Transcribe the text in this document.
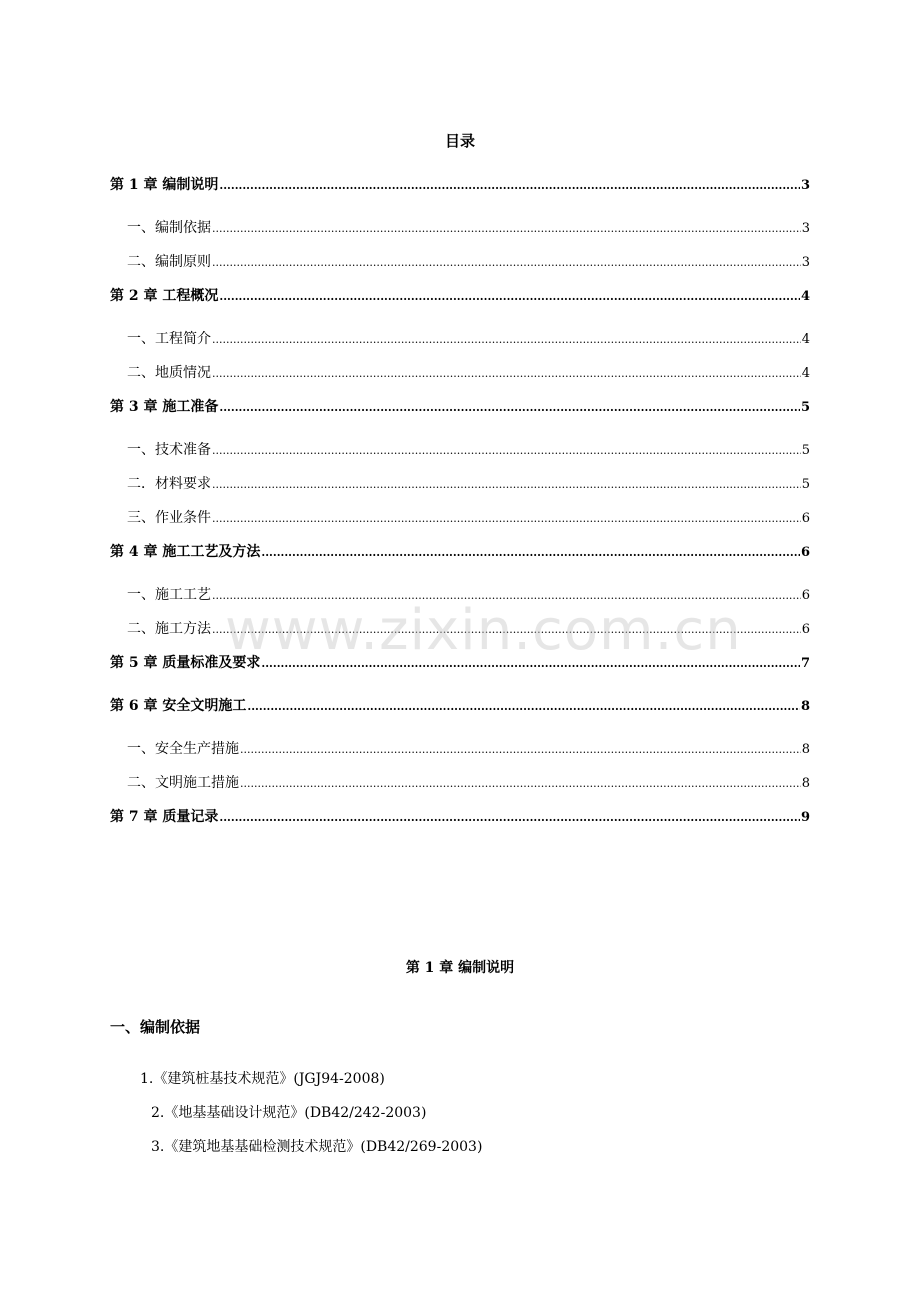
目录
第 1 章 编制说明 .....	3
一、编制依据 .....	3
二、编制原则 .....	3
第 2 章 工程概况 .....	4
一、工程简介 .....	4
二、地质情况 .....	4
第 3 章 施工准备 .....	5
一、技术准备 .....	5
二．材料要求 .....	5
三、作业条件 .....	6
第 4 章 施工工艺及方法 .....	6
一、施工工艺 .....	6
二、施工方法 .....	6
第 5 章 质量标准及要求 .....	7
第 6 章 安全文明施工 .....	8
一、安全生产措施 .....	8
二、文明施工措施 .....	8
第 7 章 质量记录 .....	9
www.zixin.com.cn
第 1 章 编制说明
一、编制依据
1.《建筑桩基技术规范》(JGJ94-2008)
2.《地基基础设计规范》(DB42/242-2003)
3.《建筑地基基础检测技术规范》(DB42/269-2003)
